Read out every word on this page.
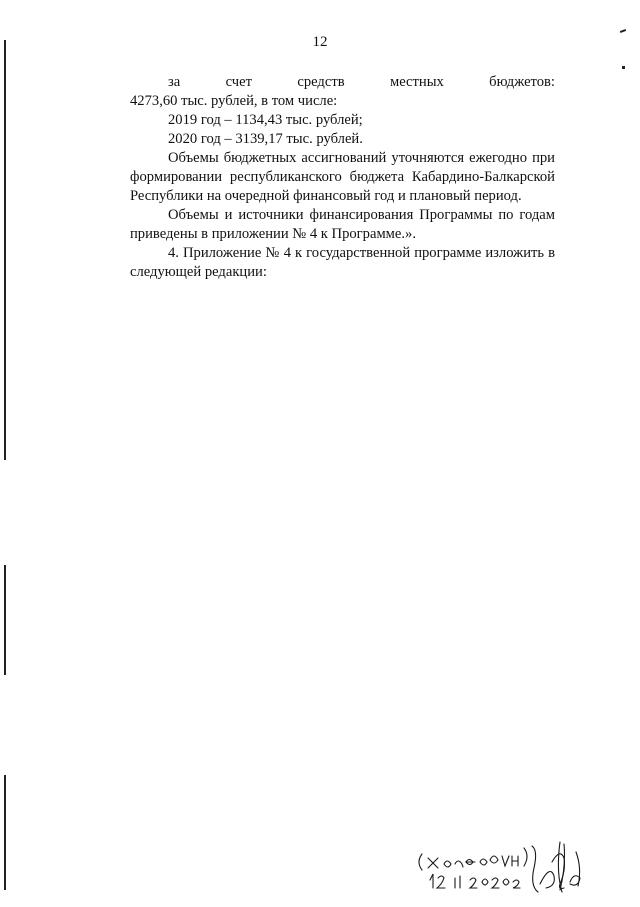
12

за счет средств местных бюджетов:

4273,60 тыс. рублей, в том числе:

2019 год – 1134,43 тыс. рублей;

2020 год – 3139,17 тыс. рублей.

Объемы бюджетных ассигнований уточняются ежегодно при формировании республиканского бюджета Кабардино-Балкарской Республики на очередной финансовый год и плановый период.

Объемы и источники финансирования Программы по годам приведены в приложении № 4 к Программе.».

4. Приложение № 4 к государственной программе изложить в следующей редакции:
